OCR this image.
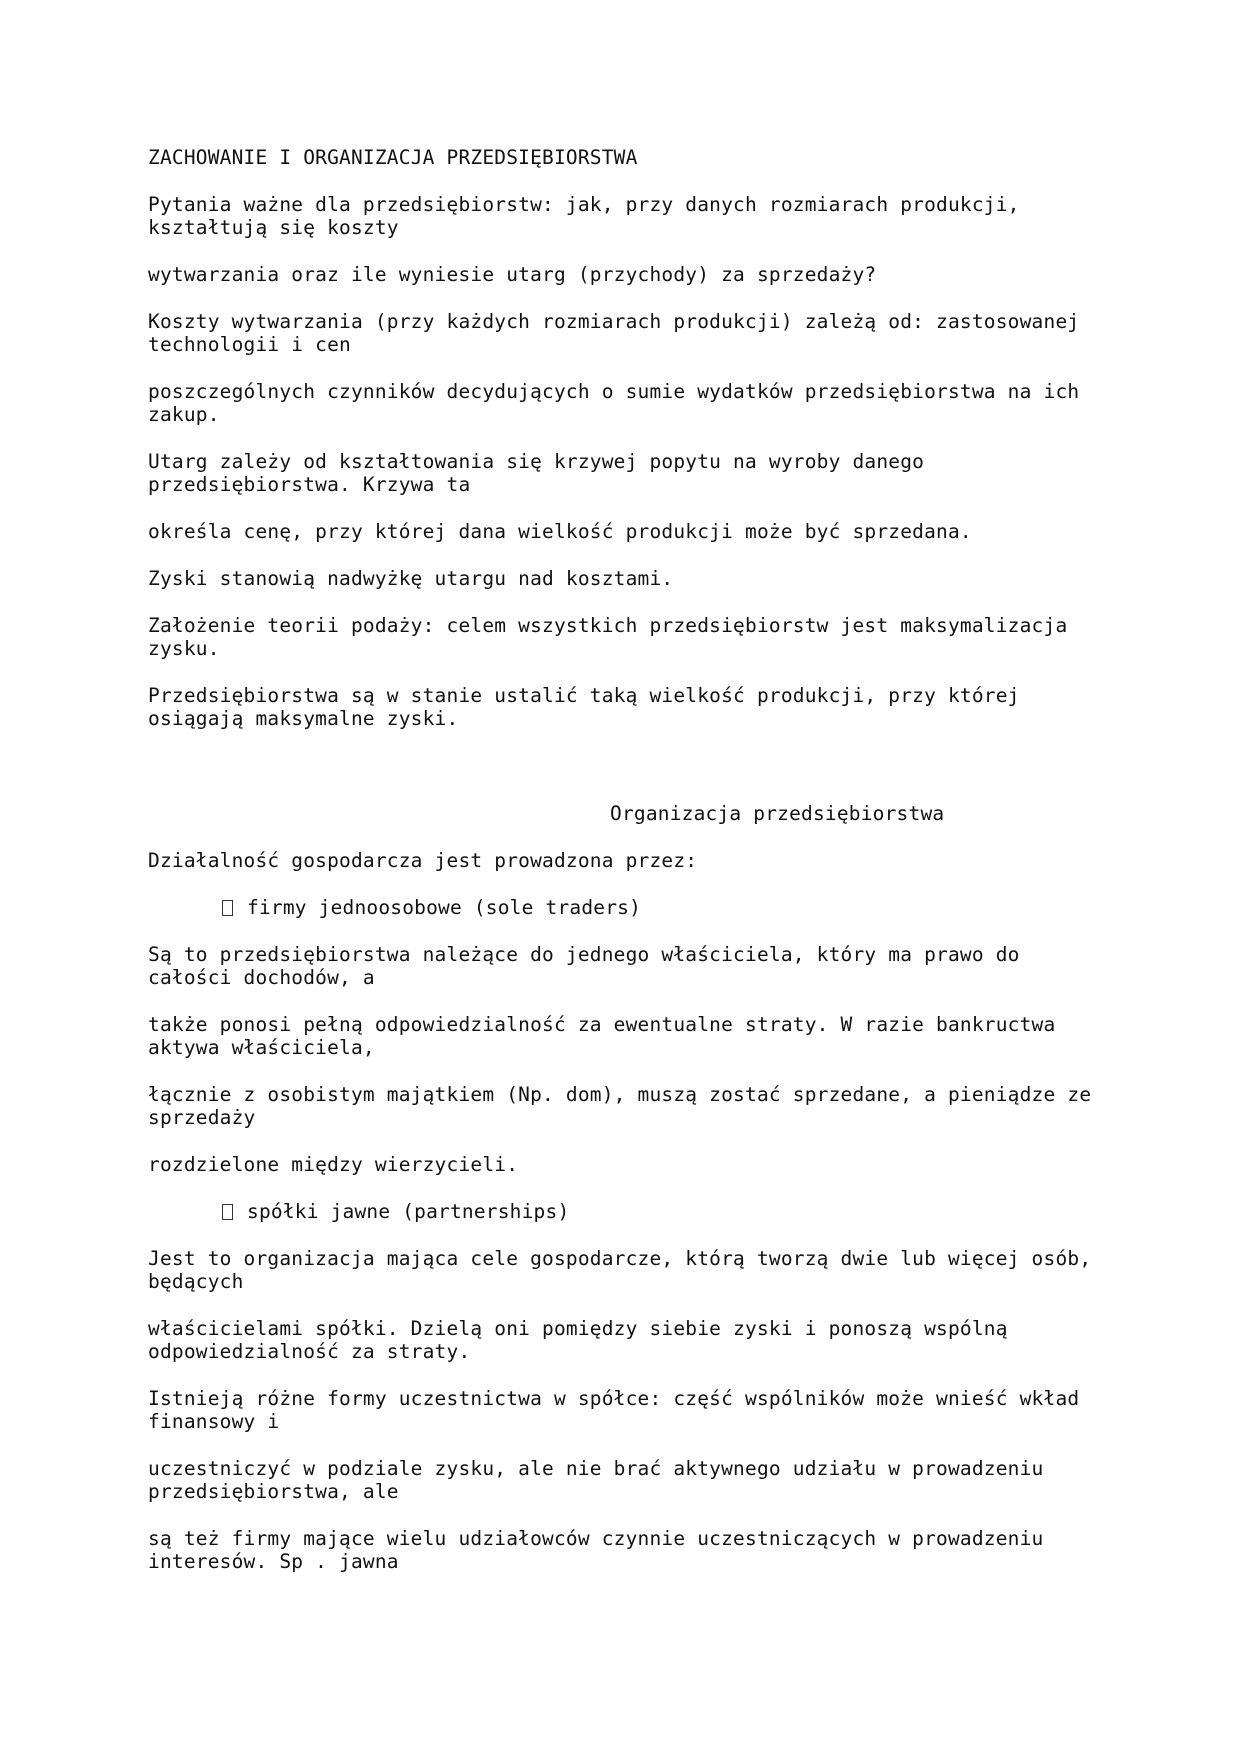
ZACHOWANIE I ORGANIZACJA PRZEDSIĘBIORSTWA

Pytania ważne dla przedsiębiorstw: jak, przy danych rozmiarach produkcji, kształtują się koszty

wytwarzania oraz ile wyniesie utarg (przychody) za sprzedaży?

Koszty wytwarzania (przy każdych rozmiarach produkcji) zależą od: zastosowanej technologii i cen

poszczególnych czynników decydujących o sumie wydatków przedsiębiorstwa na ich zakup.

Utarg zależy od kształtowania się krzywej popytu na wyroby danego przedsiębiorstwa. Krzywa ta

określa cenę, przy której dana wielkość produkcji może być sprzedana.

Zyski stanowią nadwyżkę utargu nad kosztami.

Założenie teorii podaży: celem wszystkich przedsiębiorstw jest maksymalizacja zysku.

Przedsiębiorstwa są w stanie ustalić taką wielkość produkcji, przy której osiągają maksymalne zyski.

Organizacja przedsiębiorstwa

Działalność gospodarcza jest prowadzona przez:

firmy jednoosobowe (sole traders)

Są to przedsiębiorstwa należące do jednego właściciela, który ma prawo do całości dochodów, a

także ponosi pełną odpowiedzialność za ewentualne straty. W razie bankructwa aktywa właściciela,

łącznie z osobistym majątkiem (Np. dom), muszą zostać sprzedane, a pieniądze ze sprzedaży

rozdzielone między wierzycieli.

spółki jawne (partnerships)

Jest to organizacja mająca cele gospodarcze, którą tworzą dwie lub więcej osób, będących

właścicielami spółki. Dzielą oni pomiędzy siebie zyski i ponoszą wspólną odpowiedzialność za straty.

Istnieją różne formy uczestnictwa w spółce: część wspólników może wnieść wkład finansowy i

uczestniczyć w podziale zysku, ale nie brać aktywnego udziału w prowadzeniu przedsiębiorstwa, ale

są też firmy mające wielu udziałowców czynnie uczestniczących w prowadzeniu interesów. Sp . jawna
